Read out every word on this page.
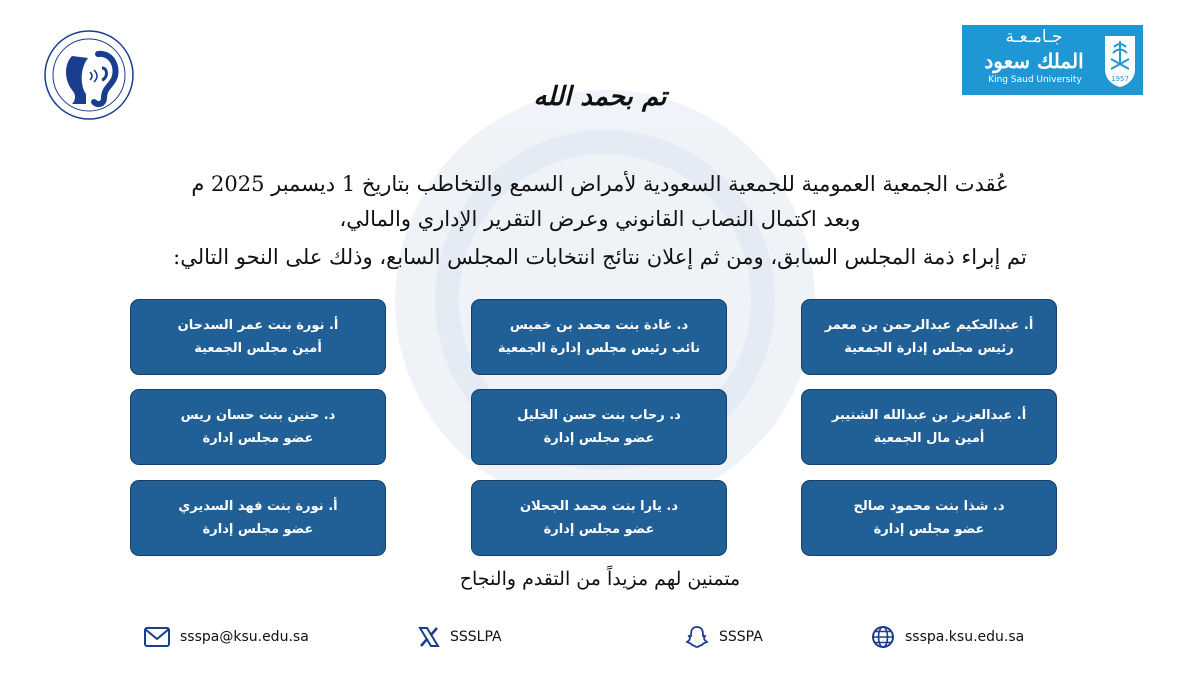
جـامـعـة
الملك سعود
King Saud University	1957
تم بحمد الله
عُقدت الجمعية العمومية للجمعية السعودية لأمراض السمع والتخاطب بتاريخ 1 ديسمبر 2025 م
وبعد اكتمال النصاب القانوني وعرض التقرير الإداري والمالي،
تم إبراء ذمة المجلس السابق، ومن ثم إعلان نتائج انتخابات المجلس السابع، وذلك على النحو التالي:
أ. عبدالحكيم عبدالرحمن بن معمر
رئيس مجلس إدارة الجمعية
د. غادة بنت محمد بن خميس
نائب رئيس مجلس إدارة الجمعية
أ. نورة بنت عمر السدحان
أمين مجلس الجمعية
أ. عبدالعزيز بن عبدالله الشنيبر
أمين مال الجمعية
د. رحاب بنت حسن الخليل
عضو مجلس إدارة
د. حنين بنت حسان ريس
عضو مجلس إدارة
د. شذا بنت محمود صالح
عضو مجلس إدارة
د. يارا بنت محمد الجحلان
عضو مجلس إدارة
أ. نورة بنت فهد السديري
عضو مجلس إدارة
متمنين لهم مزيداً من التقدم والنجاح
ssspa@ksu.edu.sa	SSSLPA	SSSPA	ssspa.ksu.edu.sa
